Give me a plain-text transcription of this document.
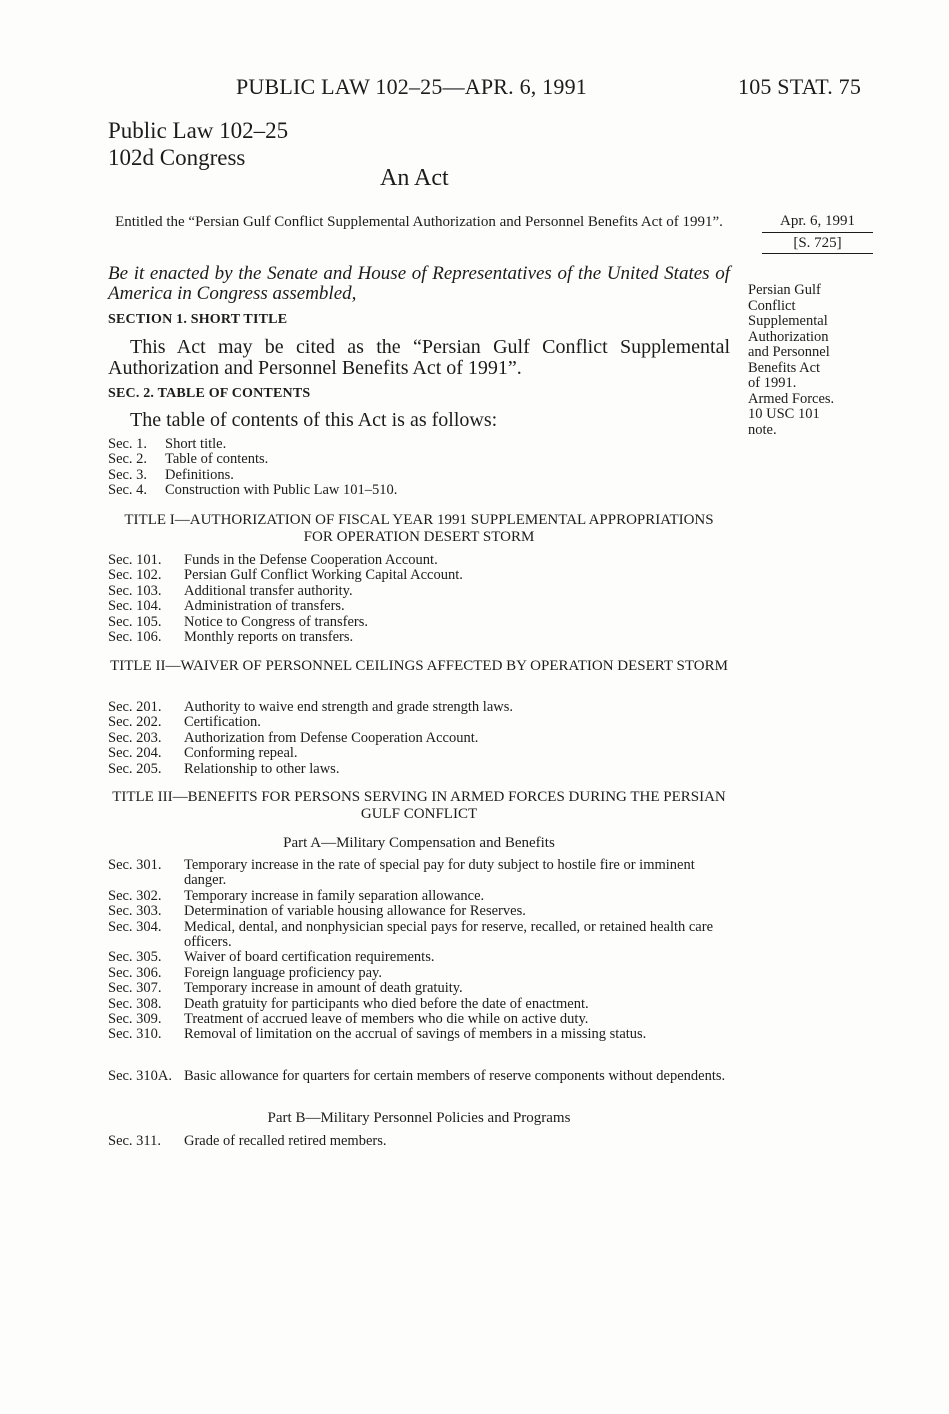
PUBLIC LAW 102–25—APR. 6, 1991	105 STAT. 75
Public Law 102–25
102d Congress
An Act
Entitled the “Persian Gulf Conflict Supplemental Authorization and Personnel Benefits Act of 1991”.	Apr. 6, 1991
[S. 725]
Persian Gulf
Conflict
Supplemental
Authorization
and Personnel
Benefits Act
of 1991.
Armed Forces.
10 USC 101
note.
Be it enacted by the Senate and House of Representatives of the United States of America in Congress assembled,
SECTION 1. SHORT TITLE
This Act may be cited as the “Persian Gulf Conflict Supplemental Authorization and Personnel Benefits Act of 1991”.
SEC. 2. TABLE OF CONTENTS
The table of contents of this Act is as follows:
Sec. 1.	Short title.
Sec. 2.	Table of contents.
Sec. 3.	Definitions.
Sec. 4.	Construction with Public Law 101–510.
TITLE I—AUTHORIZATION OF FISCAL YEAR 1991 SUPPLEMENTAL APPROPRIATIONS FOR OPERATION DESERT STORM
Sec. 101.	Funds in the Defense Cooperation Account.
Sec. 102.	Persian Gulf Conflict Working Capital Account.
Sec. 103.	Additional transfer authority.
Sec. 104.	Administration of transfers.
Sec. 105.	Notice to Congress of transfers.
Sec. 106.	Monthly reports on transfers.
TITLE II—WAIVER OF PERSONNEL CEILINGS AFFECTED BY OPERATION DESERT STORM
Sec. 201.	Authority to waive end strength and grade strength laws.
Sec. 202.	Certification.
Sec. 203.	Authorization from Defense Cooperation Account.
Sec. 204.	Conforming repeal.
Sec. 205.	Relationship to other laws.
TITLE III—BENEFITS FOR PERSONS SERVING IN ARMED FORCES DURING THE PERSIAN GULF CONFLICT
Part A—Military Compensation and Benefits
Sec. 301.	Temporary increase in the rate of special pay for duty subject to hostile fire or imminent danger.
Sec. 302.	Temporary increase in family separation allowance.
Sec. 303.	Determination of variable housing allowance for Reserves.
Sec. 304.	Medical, dental, and nonphysician special pays for reserve, recalled, or retained health care officers.
Sec. 305.	Waiver of board certification requirements.
Sec. 306.	Foreign language proficiency pay.
Sec. 307.	Temporary increase in amount of death gratuity.
Sec. 308.	Death gratuity for participants who died before the date of enactment.
Sec. 309.	Treatment of accrued leave of members who die while on active duty.
Sec. 310.	Removal of limitation on the accrual of savings of members in a missing status.
Sec. 310A. Basic allowance for quarters for certain members of reserve components without dependents.
Part B—Military Personnel Policies and Programs
Sec. 311.	Grade of recalled retired members.
